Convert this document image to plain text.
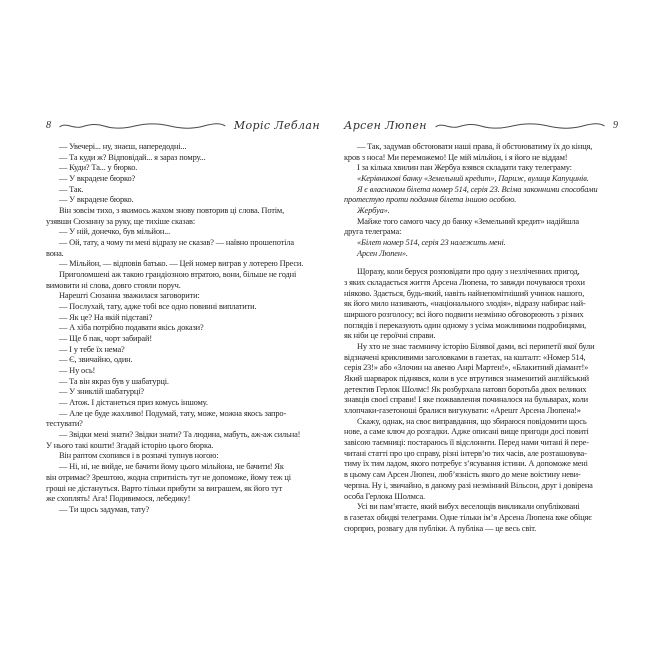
8	Моріс Леблан
— Увечері... ну, знаєш, напередодні...
— Та куди ж? Відповідай... я зараз помру...
— Куди? Та... у бюрко.
— У вкрадене бюрко?
— Так.
— У вкрадене бюрко.
Він зовсім тихо, з якимось жахом знову повторив ці слова. Потім,
узявши Сюзанну за руку, ще тихіше сказав:
— У ній, донечко, був мільйон...
— Ой, тату, а чому ти мені відразу не сказав? — наївно прошепотіла
вона.
— Мільйон, — відповів батько. — Цей номер виграв у лотерею Преси.
Приголомшені аж такою грандіозною втратою, вони, більше не годні
вимовити ні слова, довго стояли поруч.
Нарешті Сюзанна зважилася заговорити:
— Послухай, тату, адже тобі все одно повинні виплатити.
— Як це? На якій підставі?
— А хіба потрібно подавати якісь докази?
— Ще б пак, чорт забирай!
— І у тебе їх нема?
— Є, звичайно, один.
— Ну ось!
— Та він якраз був у шабатурці.
— У зниклій шабатурці?
— Атож. І дістанеться приз комусь іншому.
— Але це буде жахливо! Подумай, тату, може, можна якось запро-
тестувати?
— Звідки мені знати? Звідки знати? Та людина, мабуть, аж-аж сильна!
У нього такі кошти! Згадай історію цього бюрка.
Він раптом схопився і в розпачі тупнув ногою:
— Ні, ні, не вийде, не бачити йому цього мільйона, не бачити! Як
він отримає? Зрештою, жодна спритність тут не допоможе, йому теж ці
гроші не дістануться. Варто тільки прибути за виграшем, як його тут
же схоплять! Ага! Подивимося, лебедику!
— Ти щось задумав, тату?
Арсен Люпен	9
— Так, задумав обстоювати наші права, й обстоюватиму їх до кінця,
кров з носа! Ми переможемо! Це мій мільйон, і я його не віддам!
І за кілька хвилин пан Жербуа взявся складати таку телеграму:
«Керівникові банку «Земельний кредит», Париж, вулиця Капуцинів.
Я є власником білета номер 514, серія 23. Всіма законними способами
протестую проти подання білета іншою особою.
Жербуа».
Майже того самого часу до банку «Земельний кредит» надійшла
друга телеграма:
«Білет номер 514, серія 23 належить мені.
Арсен Люпен».
Щоразу, коли беруся розповідати про одну з незліченних пригод,
з яких складається життя Арсена Люпена, то завжди почуваюся трохи
ніяково. Здається, будь-який, навіть найнепомітніший учинок нашого,
як його мило називають, «національного злодія», відразу набирає най-
ширшого розголосу; всі його подвиги незмінно обговорюють з різних
поглядів і переказують один одному з усіма можливими подробицями,
як ніби це героїчні справи.
Ну хто не знає таємничу історію Білявої дами, всі перипетії якої були
відзначені крикливими заголовками в газетах, на кшталт: «Номер 514,
серія 23!» або «Злочин на авеню Анрі Мартен!», «Блакитний діамант!»
Який шарварок піднявся, коли в усе втрутився знаменитий англійський
детектив Герлок Шолмс! Як розбурхала натовп боротьба двох великих
знавців своєї справи! І яке пожвавлення починалося на бульварах, коли
хлопчаки-газетоноші бралися вигукувати: «Арешт Арсена Люпена!»
Скажу, однак, на своє виправдання, що збираюся повідомити щось
нове, а саме ключ до розгадки. Адже описані вище пригоди досі повиті
завісою таємниці: постараюсь її відслонити. Перед нами читані й пере-
читані статті про цю справу, різні інтерв’ю тих часів, але розташовува-
тиму їх тим ладом, якого потребує з’ясування істини. А допоможе мені
в цьому сам Арсен Люпен, люб’язність якого до мене воістину неви-
черпна. Ну і, звичайно, в даному разі незмінний Вільсон, друг і довірена
особа Герлока Шолмса.
Усі ви пам’ятаєте, який вибух веселощів викликали опубліковані
в газетах обидві телеграми. Одне тільки ім’я Арсена Люпена вже обіцяє
сюрприз, розвагу для публіки. А публіка — це весь світ.
